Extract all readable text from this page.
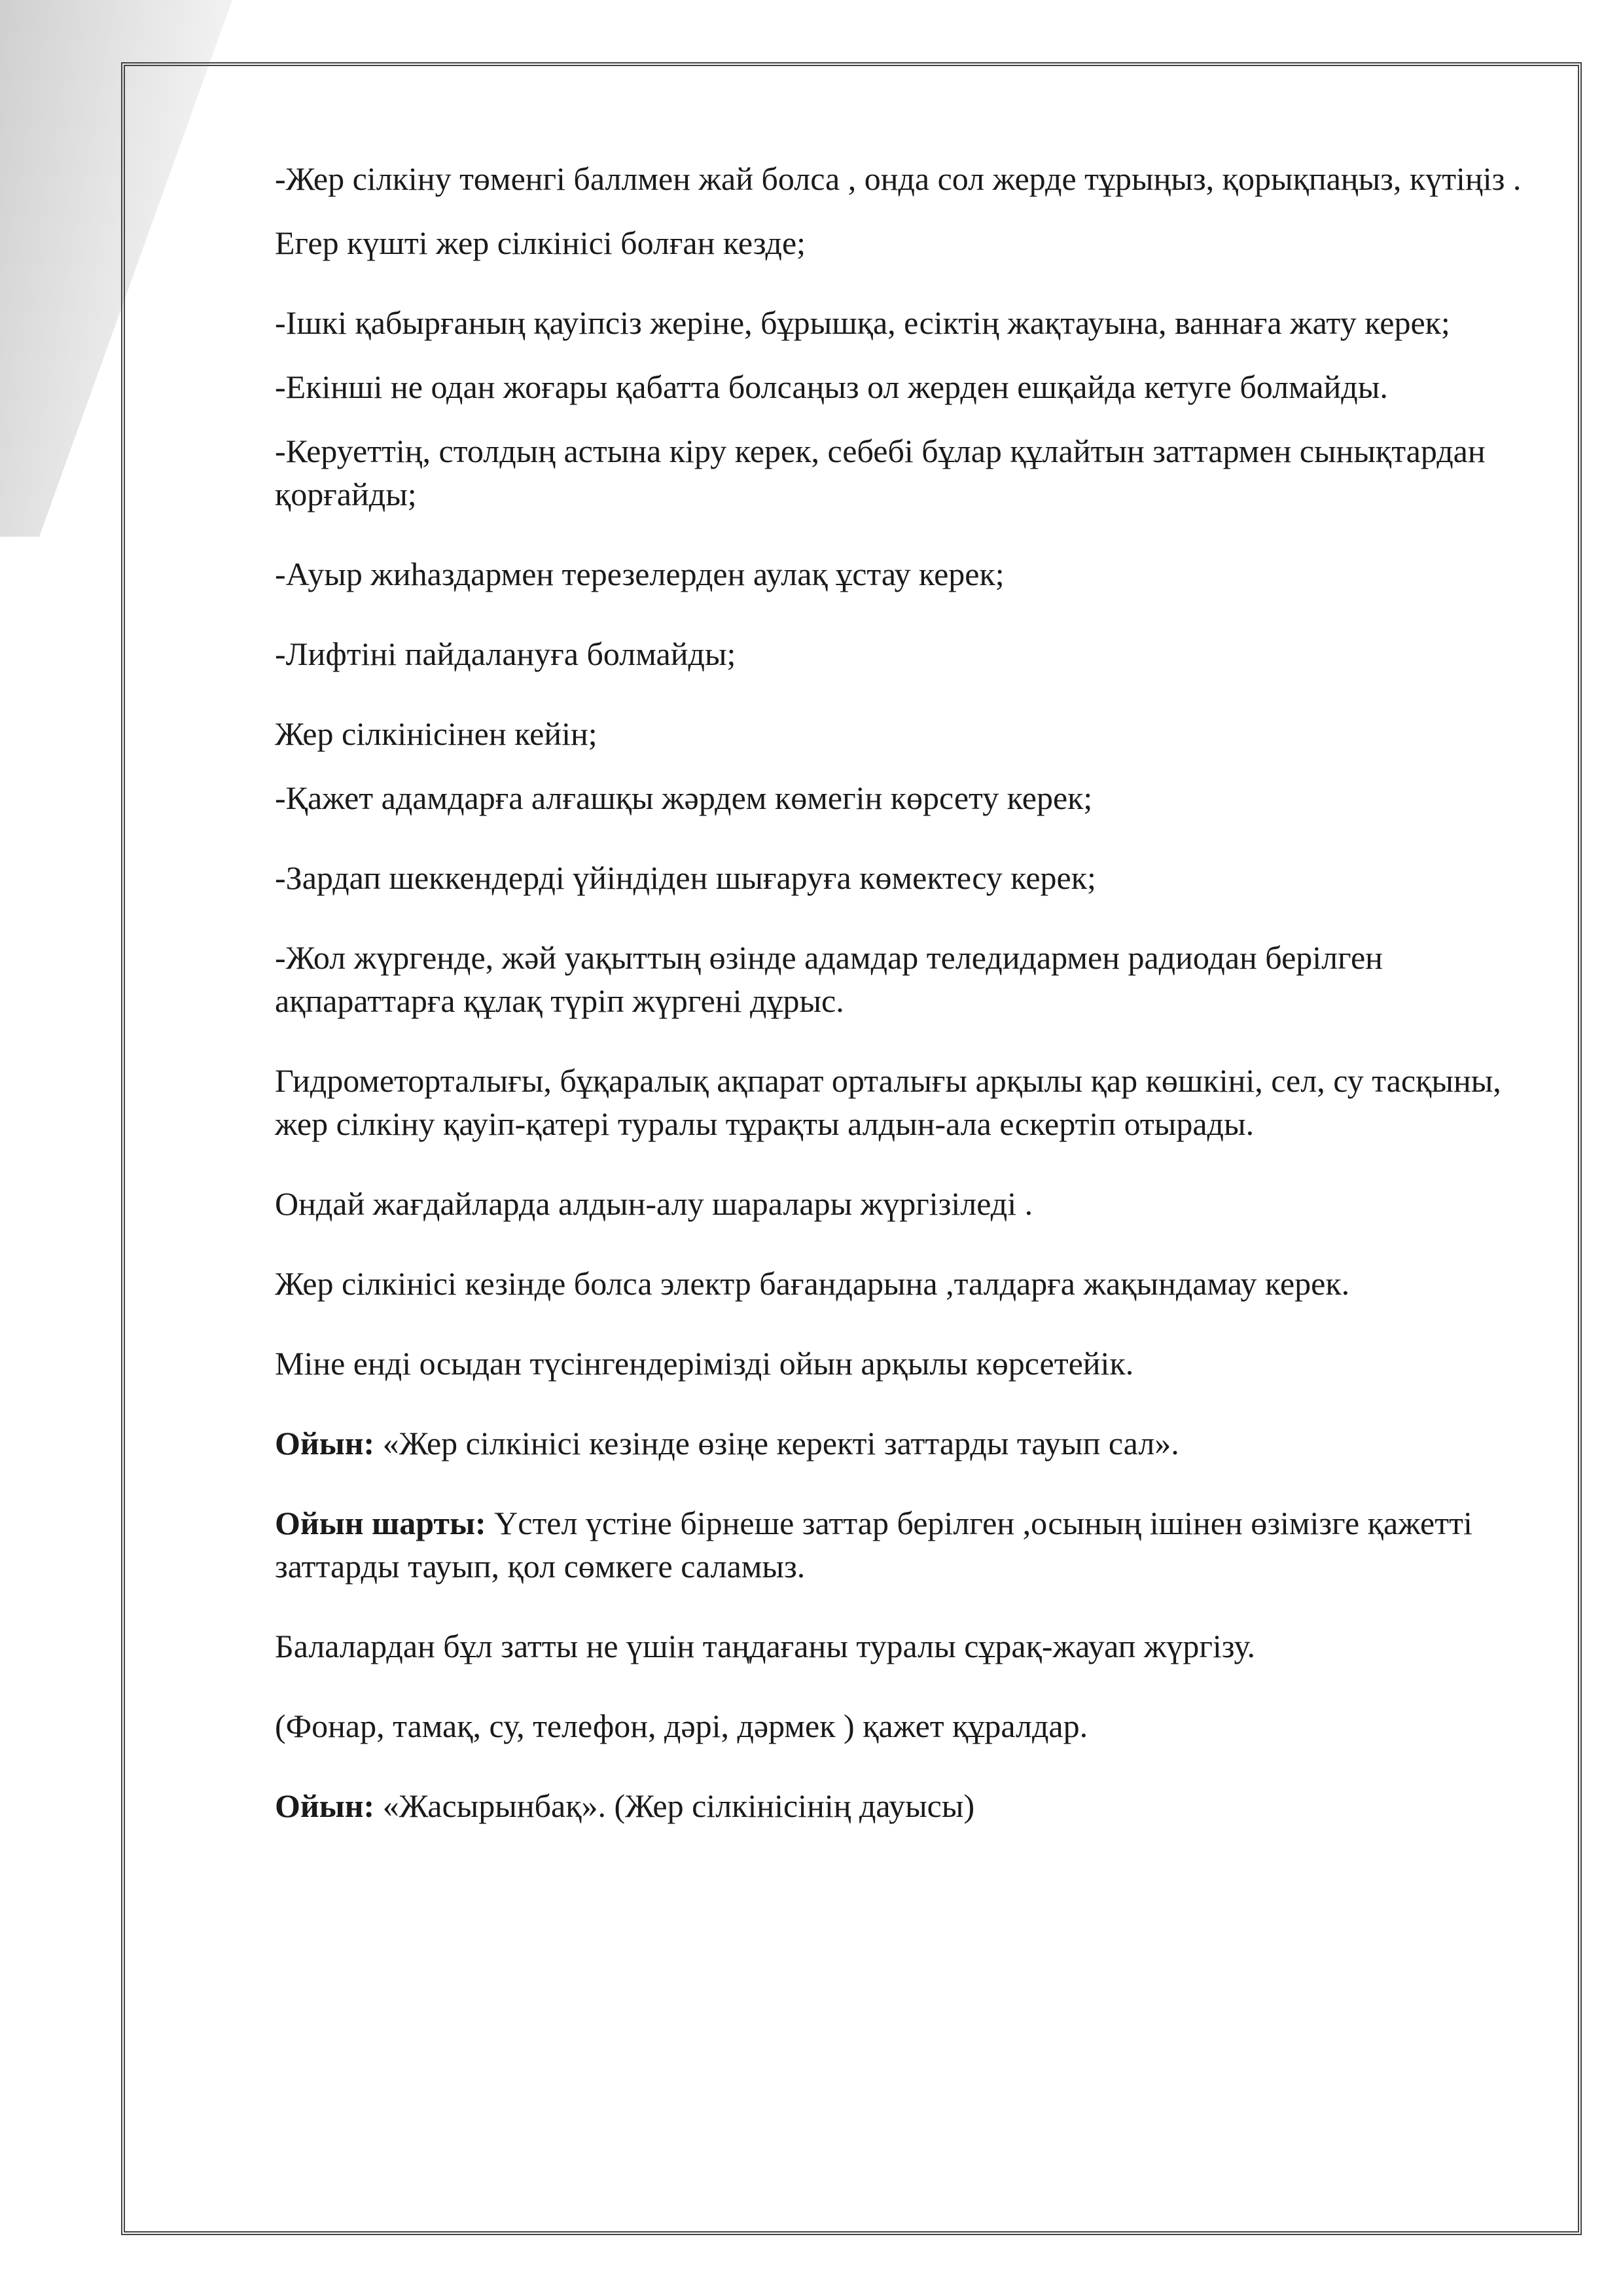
-Жер сілкіну төменгі баллмен жай болса , онда сол жерде тұрыңыз, қорықпаңыз, күтіңіз .

Егер күшті жер сілкінісі болған кезде;

-Ішкі қабырғаның қауіпсіз жеріне, бұрышқа, есіктің жақтауына, ваннаға жату керек;

-Екінші не одан жоғары қабатта болсаңыз ол жерден ешқайда кетуге болмайды.

-Керуеттің, столдың астына кіру керек, себебі бұлар құлайтын заттармен сынықтардан қорғайды;

-Ауыр жиһаздармен терезелерден аулақ ұстау керек;

-Лифтіні пайдалануға болмайды;

Жер сілкінісінен кейін;

-Қажет адамдарға алғашқы жәрдем көмегін көрсету керек;

-Зардап шеккендерді үйіндіден шығаруға көмектесу керек;

-Жол жүргенде, жәй уақыттың өзінде адамдар теледидармен радиодан берілген ақпараттарға құлақ түріп жүргені дұрыс.

Гидрометорталығы, бұқаралық ақпарат орталығы арқылы қар көшкіні, сел, су тасқыны, жер сілкіну қауіп-қатері туралы тұрақты алдын-ала ескертіп отырады.

Ондай жағдайларда алдын-алу шаралары жүргізіледі .

Жер сілкінісі кезінде болса электр бағандарына ,талдарға жақындамау керек.

Міне енді осыдан түсінгендерімізді ойын арқылы көрсетейік.

Ойын: «Жер сілкінісі кезінде өзіңе керекті заттарды тауып сал».

Ойын шарты: Үстел үстіне бірнеше заттар берілген ,осының ішінен өзімізге қажетті заттарды тауып, қол сөмкеге саламыз.

Балалардан бұл затты не үшін таңдағаны туралы сұрақ-жауап жүргізу.

(Фонар, тамақ, су, телефон, дәрі, дәрмек ) қажет құралдар.

Ойын: «Жасырынбақ». (Жер сілкінісінің дауысы)
